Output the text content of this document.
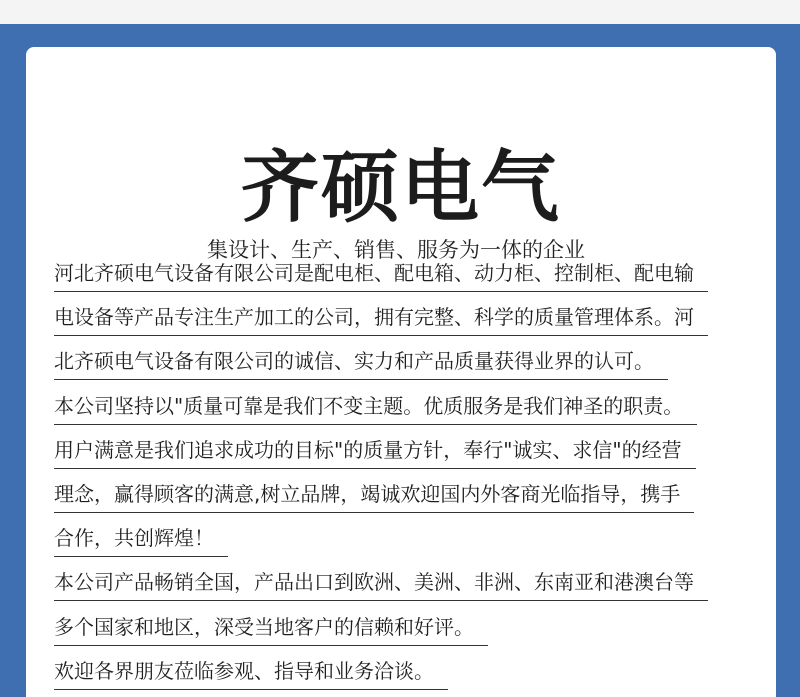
齐硕电气
集设计、生产、销售、服务为一体的企业
河北齐硕电气设备有限公司是配电柜、配电箱、动力柜、控制柜、配电输
电设备等产品专注生产加工的公司，拥有完整、科学的质量管理体系。河
北齐硕电气设备有限公司的诚信、实力和产品质量获得业界的认可。
本公司坚持以"质量可靠是我们不变主题。优质服务是我们神圣的职责。
用户满意是我们追求成功的目标"的质量方针，奉行"诚实、求信"的经营
理念，赢得顾客的满意,树立品牌，竭诚欢迎国内外客商光临指导，携手
合作，共创辉煌！
本公司产品畅销全国，产品出口到欧洲、美洲、非洲、东南亚和港澳台等
多个国家和地区，深受当地客户的信赖和好评。
欢迎各界朋友莅临参观、指导和业务洽谈。
